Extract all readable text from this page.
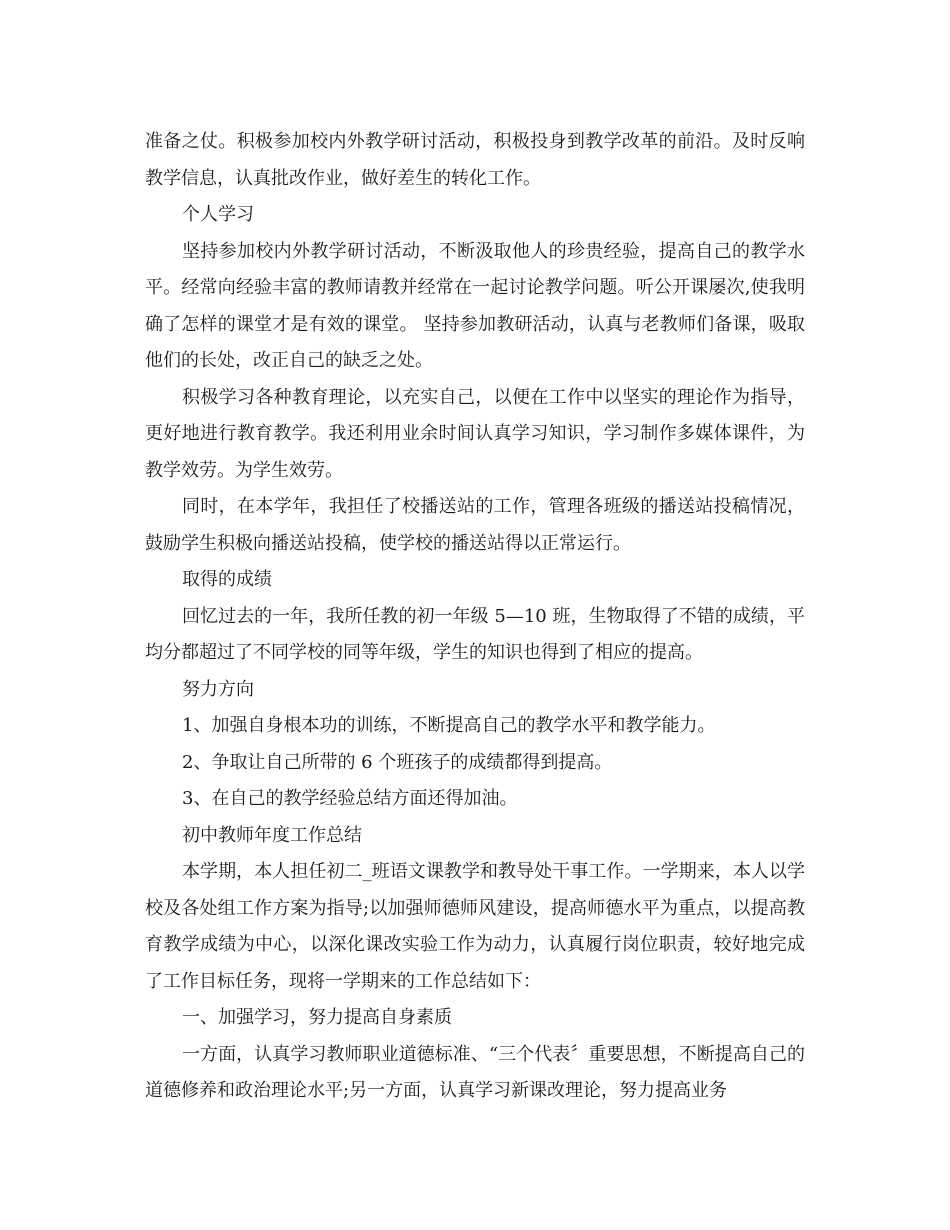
准备之仗。积极参加校内外教学研讨活动，积极投身到教学改革的前沿。及时反响教学信息，认真批改作业，做好差生的转化工作。

个人学习

坚持参加校内外教学研讨活动，不断汲取他人的珍贵经验，提高自己的教学水平。经常向经验丰富的教师请教并经常在一起讨论教学问题。听公开课屡次,使我明确了怎样的课堂才是有效的课堂。 坚持参加教研活动，认真与老教师们备课，吸取他们的长处，改正自己的缺乏之处。

积极学习各种教育理论，以充实自己，以便在工作中以坚实的理论作为指导，更好地进行教育教学。我还利用业余时间认真学习知识，学习制作多媒体课件，为教学效劳。为学生效劳。

同时，在本学年，我担任了校播送站的工作，管理各班级的播送站投稿情况，鼓励学生积极向播送站投稿，使学校的播送站得以正常运行。

取得的成绩

回忆过去的一年，我所任教的初一年级 5—10 班，生物取得了不错的成绩，平均分都超过了不同学校的同等年级，学生的知识也得到了相应的提高。

努力方向

1、加强自身根本功的训练，不断提高自己的教学水平和教学能力。

2、争取让自己所带的 6 个班孩子的成绩都得到提高。

3、在自己的教学经验总结方面还得加油。

初中教师年度工作总结

本学期，本人担任初二_班语文课教学和教导处干事工作。一学期来，本人以学校及各处组工作方案为指导;以加强师德师风建设，提高师德水平为重点，以提高教育教学成绩为中心，以深化课改实验工作为动力，认真履行岗位职责，较好地完成了工作目标任务，现将一学期来的工作总结如下：

一、加强学习，努力提高自身素质

一方面，认真学习教师职业道德标准、“三个代表〞重要思想，不断提高自己的道德修养和政治理论水平;另一方面，认真学习新课改理论，努力提高业务
